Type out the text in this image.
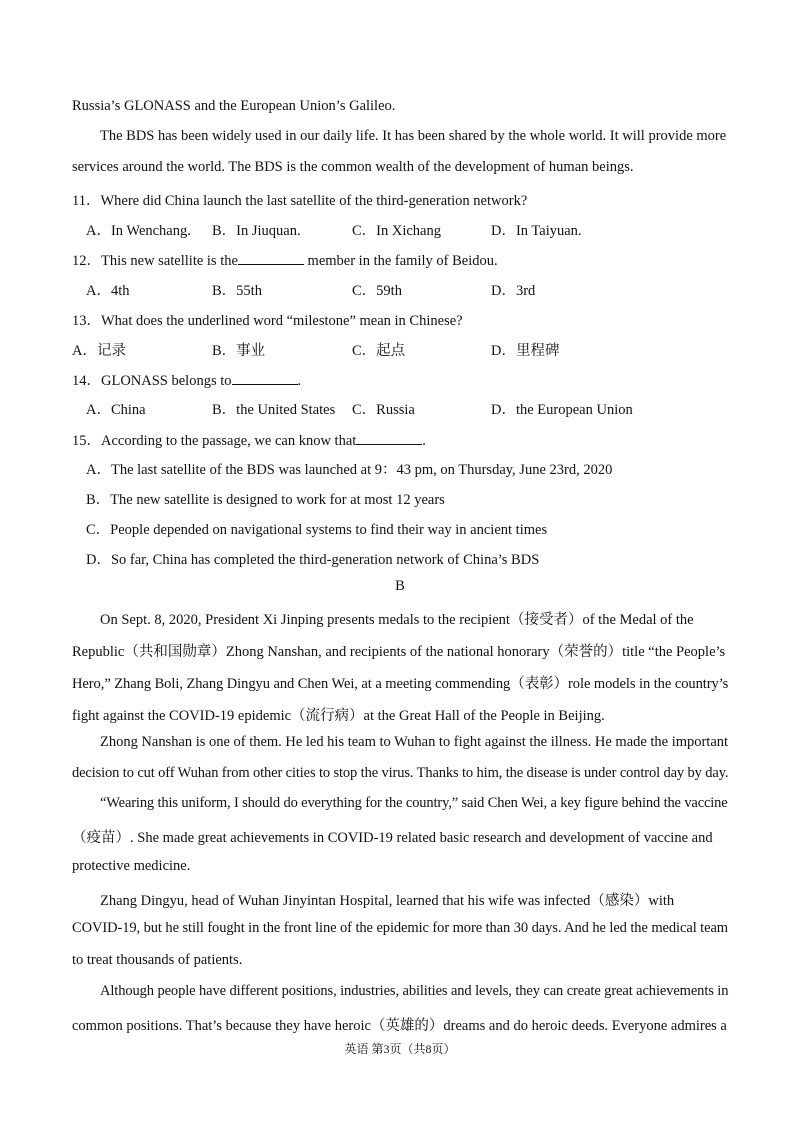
Russia’s GLONASS and the European Union’s Galileo.
The BDS has been widely used in our daily life. It has been shared by the whole world. It will provide more
services around the world. The BDS is the common wealth of the development of human beings.
11．Where did China launch the last satellite of the third-generation network?
A．In Wenchang. B．In Jiuquan.	C．In Xichang	D．In Taiyuan.
12．This new satellite is the	member in the family of Beidou.
A．4th	B．55th	C．59th	D．3rd
13．What does the underlined word “milestone” mean in Chinese?
A．记录	B．事业	C．起点	D．里程碑
14．GLONASS belongs to	.
A．China	B．the United States C．Russia	D．the European Union
15．According to the passage, we can know that	.
A．The last satellite of the BDS was launched at 9：43 pm, on Thursday, June 23rd, 2020
B．The new satellite is designed to work for at most 12 years
C．People depended on navigational systems to find their way in ancient times
D．So far, China has completed the third-generation network of China’s BDS
B
On Sept. 8, 2020, President Xi Jinping presents medals to the recipient（接受者）of the Medal of the
Republic（共和国勋章）Zhong Nanshan, and recipients of the national honorary（荣誉的）title “the People’s
Hero,” Zhang Boli, Zhang Dingyu and Chen Wei, at a meeting commending（表彰）role models in the country’s
fight against the COVID-19 epidemic（流行病）at the Great Hall of the People in Beijing.
Zhong Nanshan is one of them. He led his team to Wuhan to fight against the illness. He made the important
decision to cut off Wuhan from other cities to stop the virus. Thanks to him, the disease is under control day by day.
“Wearing this uniform, I should do everything for the country,” said Chen Wei, a key figure behind the vaccine
（疫苗）. She made great achievements in COVID-19 related basic research and development of vaccine and
protective medicine.
Zhang Dingyu, head of Wuhan Jinyintan Hospital, learned that his wife was infected（感染）with
COVID-19, but he still fought in the front line of the epidemic for more than 30 days. And he led the medical team
to treat thousands of patients.
Although people have different positions, industries, abilities and levels, they can create great achievements in
common positions. That’s because they have heroic（英雄的）dreams and do heroic deeds. Everyone admires a
英语 第3页（共8页）
